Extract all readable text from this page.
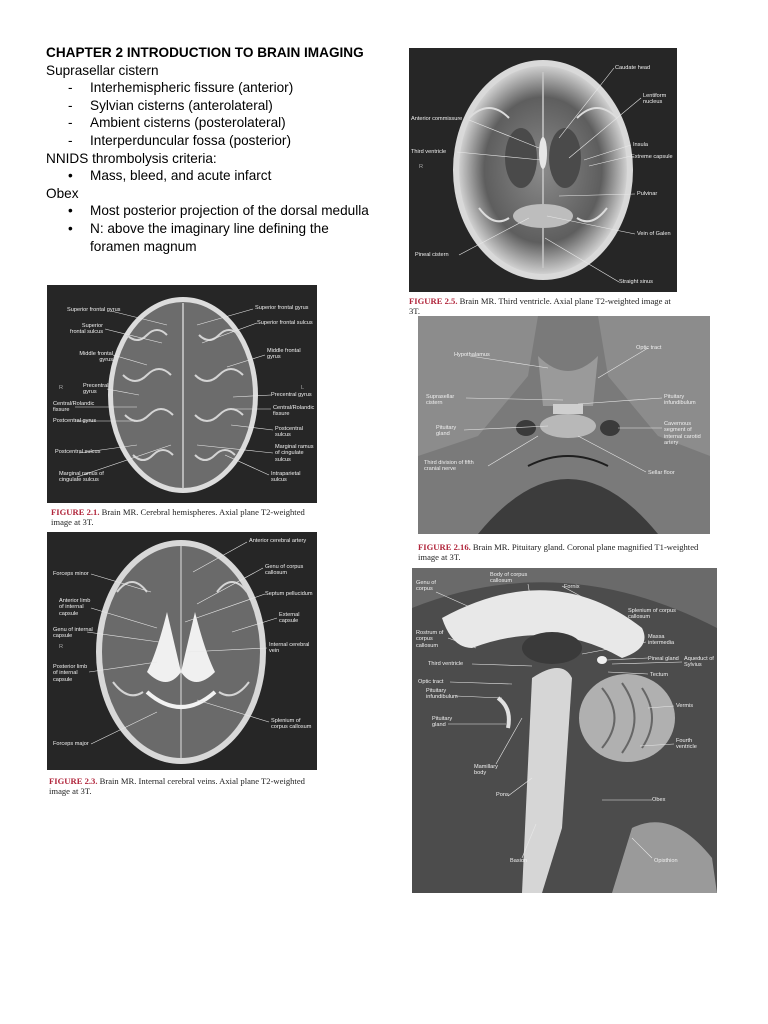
CHAPTER 2 INTRODUCTION TO BRAIN IMAGING

Suprasellar cistern

- Interhemispheric fissure (anterior)
- Sylvian cisterns (anterolateral)
- Ambient cisterns (posterolateral)
- Interperduncular fossa (posterior)

NNIDS thrombolysis criteria:

• Mass, bleed, and acute infarct

Obex

• Most posterior projection of the dorsal medulla
• N: above the imaginary line defining the foramen magnum
R
Caudate head
Lentiform nucleus
Anterior commissure
Insula
Third ventricle
Extreme capsule
Pulvinar
Vein of Galen
Pineal cistern
Straight sinus
FIGURE 2.5. Brain MR. Third ventricle. Axial plane T2-weighted image at 3T.
R	L
Superior frontal gyrus	Superior frontal gyrus
Superior frontal sulcus
Superior frontal sulcus
Middle frontal gyrus
Middle frontal gyrus
Precentral gyrus	Precentral gyrus
Central/Rolandic fissure	Central/Rolandic fissure
Postcentral gyrus
Postcentral sulcus
Postcentral sulcus
Marginal ramus of cingulate sulcus
Marginal ramus of cingulate sulcus
Intraparietal sulcus
FIGURE 2.1. Brain MR. Cerebral hemispheres. Axial plane T2-weighted image at 3T.
Hypothalamus
Optic tract
Suprasellar cistern
Pituitary infundibulum
Pituitary gland
Cavernous segment of internal carotid artery
Third division of fifth cranial nerve
Sellar floor
FIGURE 2.16. Brain MR. Pituitary gland. Coronal plane magnified T1-weighted image at 3T.
R
Anterior cerebral artery
Forceps minor
Genu of corpus callosum
Septum pellucidum
Anterior limb of internal capsule	External capsule
Genu of internal capsule
Internal cerebral vein
Posterior limb of internal capsule
Splenium of corpus callosum
Forceps major
FIGURE 2.3. Brain MR. Internal cerebral veins. Axial plane T2-weighted image at 3T.
Genu of corpus
Body of corpus callosum
Fornix
Splenium of corpus callosum
Rostrum of corpus callosum
Massa intermedia
Third ventricle
Pineal gland Aqueduct of Sylvius
Optic tract
Tectum
Pituitary infundibulum
Pituitary gland
Vermis
Fourth ventricle
Mamillary body
Pons
Obex
Basion	Opisthion
